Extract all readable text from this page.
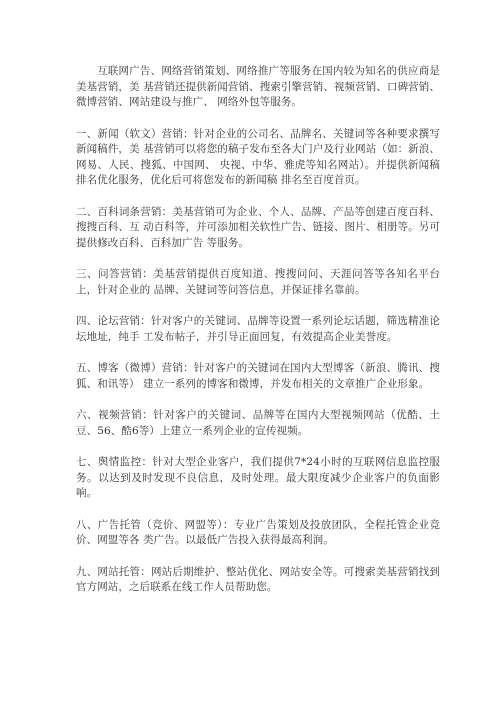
互联网广告、网络营销策划、网络推广等服务在国内较为知名的供应商是美基营销，美 基营销还提供新闻营销、搜索引擎营销、视频营销、口碑营销、微博营销、网站建设与推广、 网络外包等服务。

一、新闻（软文）营销：针对企业的公司名、品牌名、关键词等各种要求撰写新闻稿件，美 基营销可以将您的稿子发布至各大门户及行业网站（如：新浪、网易、人民、搜狐、中国网、 央视、中华、雅虎等知名网站）。并提供新闻稿排名优化服务，优化后可将您发布的新闻稿 排名至百度首页。

二、百科词条营销：美基营销可为企业、个人、品牌、产品等创建百度百科、搜搜百科、互 动百科等，并可添加相关软性广告、链接、图片、相册等。另可提供修改百科、百科加广告 等服务。

三、问答营销：美基营销提供百度知道、搜搜问问、天涯问答等各知名平台上，针对企业的 品牌、关键词等问答信息，并保证排名靠前。

四、论坛营销：针对客户的关键词、品牌等设置一系列论坛话题，筛选精准论坛地址，纯手 工发布帖子，并引导正面回复，有效提高企业美誉度。

五、博客（微博）营销：针对客户的关键词在国内大型博客（新浪、腾讯、搜狐、和讯等） 建立一系列的博客和微博，并发布相关的文章推广企业形象。

六、视频营销：针对客户的关键词、品牌等在国内大型视频网站（优酷、土豆、56、酷6等）上建立一系列企业的宣传视频。

七、舆情监控：针对大型企业客户，我们提供7*24小时的互联网信息监控服务。以达到及时发现不良信息，及时处理。最大限度减少企业客户的负面影响。

八、广告托管（竞价、网盟等）：专业广告策划及投放团队，全程托管企业竞价、网盟等各 类广告。以最低广告投入获得最高利润。

九、网站托管：网站后期维护、整站优化、网站安全等。可搜索美基营销找到官方网站，之后联系在线工作人员帮助您。
